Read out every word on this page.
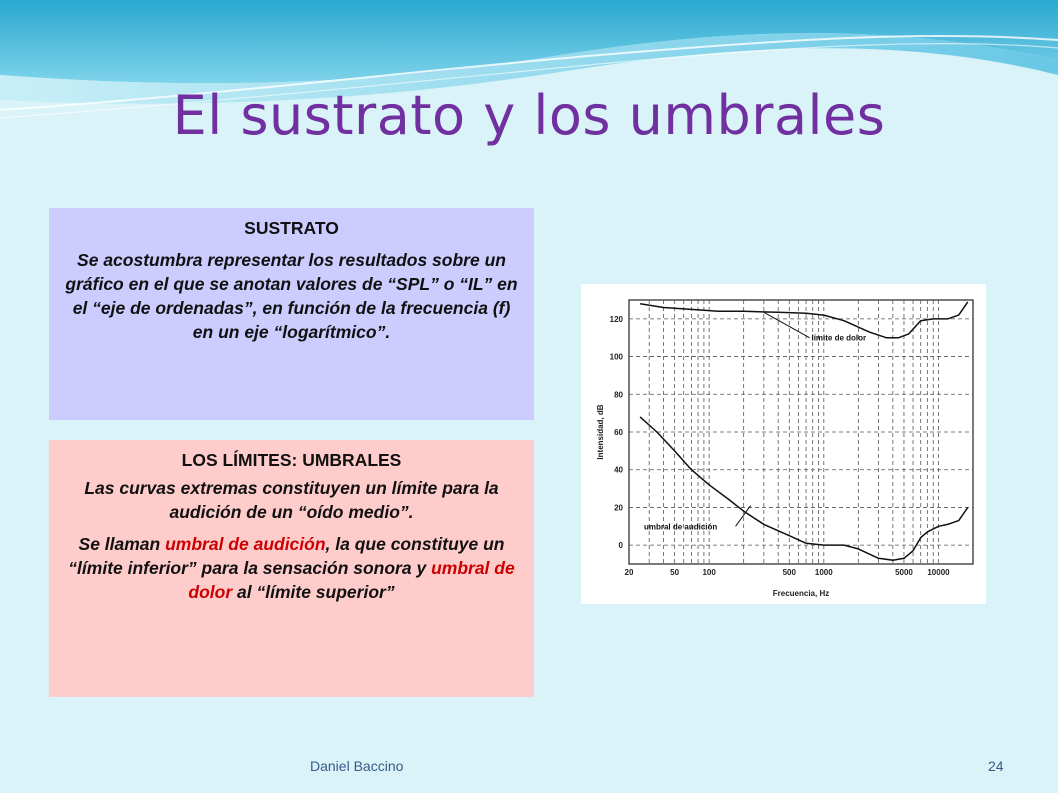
El sustrato y los umbrales

SUSTRATO

Se acostumbra representar los resultados sobre un gráfico en el que se anotan valores de “SPL” o “IL” en el “eje de ordenadas”, en función de la frecuencia (f) en un eje “logarítmico”.

LOS LÍMITES: UMBRALES

Las curvas extremas constituyen un límite para la audición de un “oído medio”.

Se llaman umbral de audición, la que constituye un “límite inferior” para la sensación sonora y umbral de dolor al “límite superior”

0
20
40
60
80
100
120
20	50	100	500 1000	5000 10000
Frecuencia, Hz
Intensidad, dB
límite de dolor
umbral de audición
Daniel Baccino	24
